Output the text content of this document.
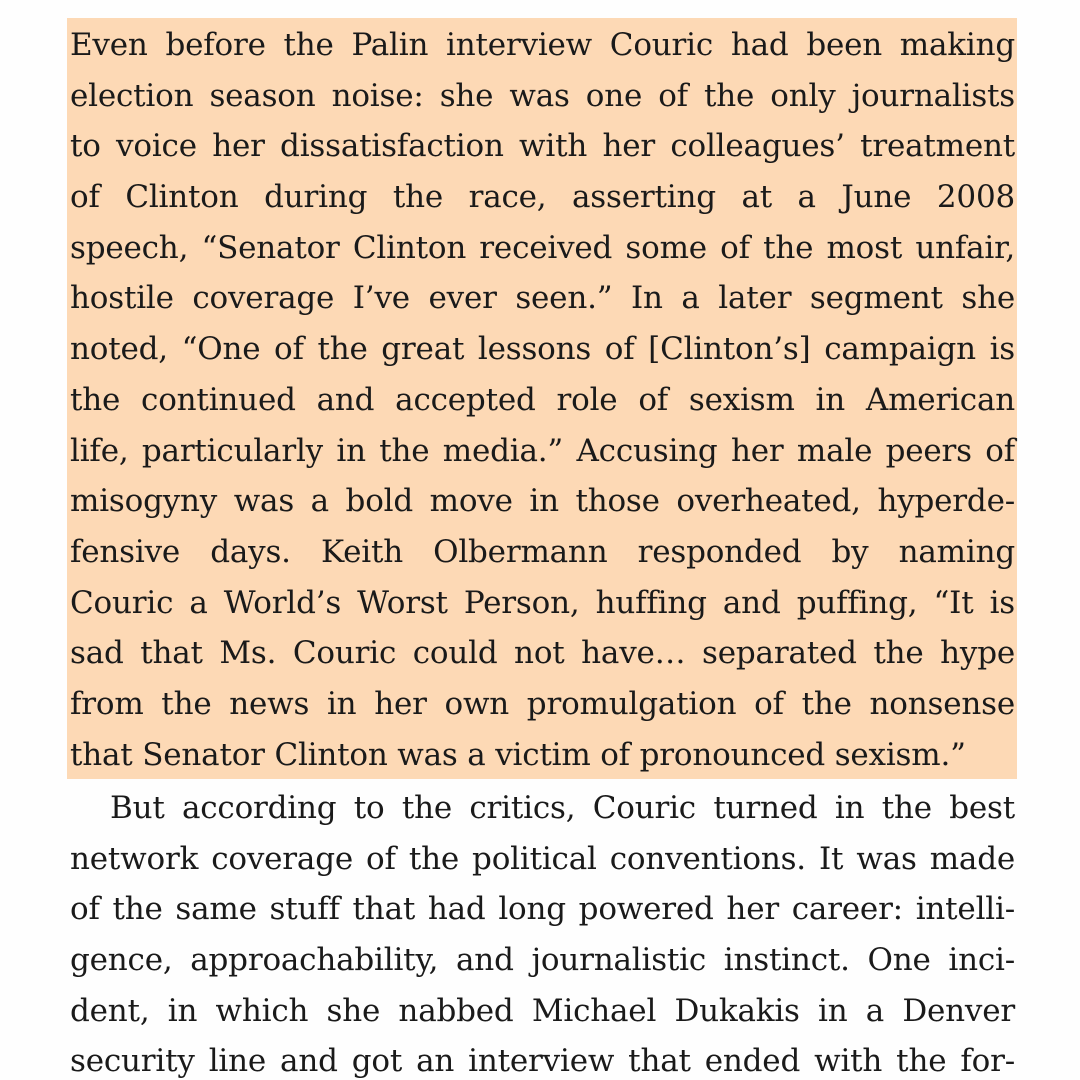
Even before the Palin interview Couric had been making
election season noise: she was one of the only journalists
to voice her dissatisfaction with her colleagues’ treatment
of Clinton during the race, asserting at a June 2008
speech, “Senator Clinton received some of the most unfair,
hostile coverage I’ve ever seen.” In a later segment she
noted, “One of the great lessons of [Clinton’s] campaign is
the continued and accepted role of sexism in American
life, particularly in the media.” Accusing her male peers of
misogyny was a bold move in those overheated, hyperde-
fensive days. Keith Olbermann responded by naming
Couric a World’s Worst Person, huffing and puffing, “It is
sad that Ms. Couric could not have… separated the hype
from the news in her own promulgation of the nonsense
that Senator Clinton was a victim of pronounced sexism.”
But according to the critics, Couric turned in the best
network coverage of the political conventions. It was made
of the same stuff that had long powered her career: intelli-
gence, approachability, and journalistic instinct. One inci-
dent, in which she nabbed Michael Dukakis in a Denver
security line and got an interview that ended with the for-
